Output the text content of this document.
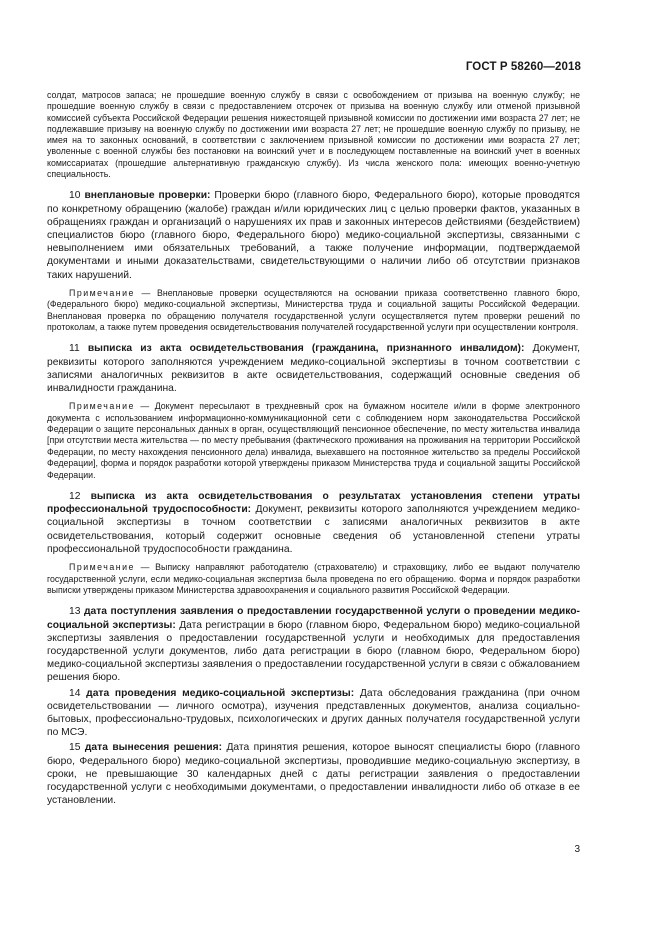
ГОСТ Р 58260—2018

солдат, матросов запаса; не прошедшие военную службу в связи с освобождением от призыва на военную службу; не прошедшие военную службу в связи с предоставлением отсрочек от призыва на военную службу или отменой призывной комиссией субъекта Российской Федерации решения нижестоящей призывной комиссии по достижении ими возраста 27 лет; не подлежавшие призыву на военную службу по достижении ими возраста 27 лет; не прошедшие военную службу по призыву, не имея на то законных оснований, в соответствии с заключением призывной комиссии по достижении ими возраста 27 лет; уволенные с военной службы без постановки на воинский учет и в последующем поставленные на воинский учет в военных комиссариатах (прошедшие альтернативную гражданскую службу). Из числа женского пола: имеющих военно-учетную специальность.

10 внеплановые проверки: Проверки бюро (главного бюро, Федерального бюро), которые проводятся по конкретному обращению (жалобе) граждан и/или юридических лиц с целью проверки фактов, указанных в обращениях граждан и организаций о нарушениях их прав и законных интересов действиями (бездействием) специалистов бюро (главного бюро, Федерального бюро) медико-социальной экспертизы, связанными с невыполнением ими обязательных требований, а также получение информации, подтверждаемой документами и иными доказательствами, свидетельствующими о наличии либо об отсутствии признаков таких нарушений.

Примечание — Внеплановые проверки осуществляются на основании приказа соответственно главного бюро, (Федерального бюро) медико-социальной экспертизы, Министерства труда и социальной защиты Российской Федерации. Внеплановая проверка по обращению получателя государственной услуги осуществляется путем проверки решений по протоколам, а также путем проведения освидетельствования получателей государственной услуги при осуществлении контроля.

11 выписка из акта освидетельствования (гражданина, признанного инвалидом): Документ, реквизиты которого заполняются учреждением медико-социальной экспертизы в точном соответствии с записями аналогичных реквизитов в акте освидетельствования, содержащий основные сведения об инвалидности гражданина.

Примечание — Документ пересылают в трехдневный срок на бумажном носителе и/или в форме электронного документа с использованием информационно-коммуникационной сети с соблюдением норм законодательства Российской Федерации о защите персональных данных в орган, осуществляющий пенсионное обеспечение, по месту жительства инвалида [при отсутствии места жительства — по месту пребывания (фактического проживания на проживания на территории Российской Федерации, по месту нахождения пенсионного дела) инвалида, выехавшего на постоянное жительство за пределы Российской Федерации], форма и порядок разработки которой утверждены приказом Министерства труда и социальной защиты Российской Федерации.

12 выписка из акта освидетельствования о результатах установления степени утраты профессиональной трудоспособности: Документ, реквизиты которого заполняются учреждением медико-социальной экспертизы в точном соответствии с записями аналогичных реквизитов в акте освидетельствования, который содержит основные сведения об установленной степени утраты профессиональной трудоспособности гражданина.

Примечание — Выписку направляют работодателю (страхователю) и страховщику, либо ее выдают получателю государственной услуги, если медико-социальная экспертиза была проведена по его обращению. Форма и порядок разработки выписки утверждены приказом Министерства здравоохранения и социального развития Российской Федерации.

13 дата поступления заявления о предоставлении государственной услуги о проведении медико-социальной экспертизы: Дата регистрации в бюро (главном бюро, Федеральном бюро) медико-социальной экспертизы заявления о предоставлении государственной услуги и необходимых для предоставления государственной услуги документов, либо дата регистрации в бюро (главном бюро, Федеральном бюро) медико-социальной экспертизы заявления о предоставлении государственной услуги в связи с обжалованием решения бюро.

14 дата проведения медико-социальной экспертизы: Дата обследования гражданина (при очном освидетельствовании — личного осмотра), изучения представленных документов, анализа социально-бытовых, профессионально-трудовых, психологических и других данных получателя государственной услуги по МСЭ.

15 дата вынесения решения: Дата принятия решения, которое выносят специалисты бюро (главного бюро, Федерального бюро) медико-социальной экспертизы, проводившие медико-социальную экспертизу, в сроки, не превышающие 30 календарных дней с даты регистрации заявления о предоставлении государственной услуги с необходимыми документами, о предоставлении инвалидности либо об отказе в ее установлении.

3
